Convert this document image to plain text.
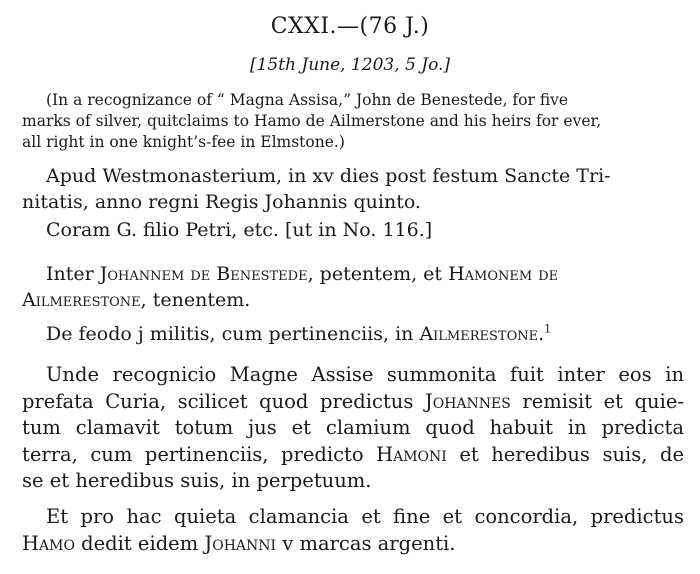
CXXI.—(76 J.)
[15th June, 1203, 5 Jo.]
(In a recognizance of “ Magna Assisa,” John de Benestede, for five
marks of silver, quitclaims to Hamo de Ailmerstone and his heirs for ever,
all right in one knight’s-fee in Elmstone.)
Apud Westmonasterium, in xv dies post festum Sancte Tri-
nitatis, anno regni Regis Johannis quinto.
Coram G. filio Petri, etc. [ut in No. 116.]
Inter Johannem de Benestede, petentem, et Hamonem de
Ailmerestone, tenentem.
De feodo j militis, cum pertinenciis, in Ailmerestone.$^1$
Unde recognicio Magne Assise summonita fuit inter eos in
prefata Curia, scilicet quod predictus Johannes remisit et quie-
tum clamavit totum jus et clamium quod habuit in predicta
terra, cum pertinenciis, predicto Hamoni et heredibus suis, de
se et heredibus suis, in perpetuum.
Et pro hac quieta clamancia et fine et concordia, predictus
Hamo dedit eidem Johanni v marcas argenti.
